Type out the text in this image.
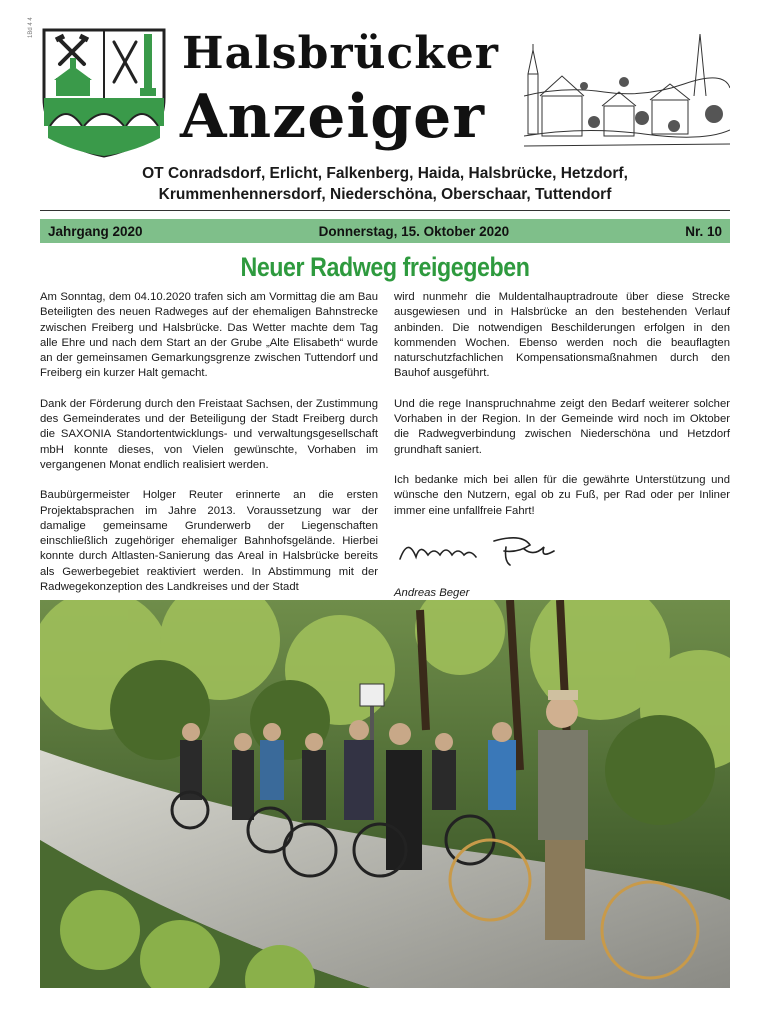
1Bd 4 4
Halsbrücker
Anzeiger
OT Conradsdorf, Erlicht, Falkenberg, Haida, Halsbrücke, Hetzdorf,
Krummenhennersdorf, Niederschöna, Oberschaar, Tuttendorf
Jahrgang 2020	Donnerstag, 15. Oktober 2020	Nr. 10
Neuer Radweg freigegeben

Am Sonntag, dem 04.10.2020 trafen sich am Vormittag die am Bau Beteiligten des neuen Radweges auf der ehemaligen Bahnstrecke zwischen Freiberg und Halsbrücke. Das Wetter machte dem Tag alle Ehre und nach dem Start an der Grube „Alte Elisabeth“ wurde an der gemeinsamen Gemarkungsgrenze zwischen Tuttendorf und Freiberg ein kurzer Halt gemacht.

Dank der Förderung durch den Freistaat Sachsen, der Zustimmung des Gemeinderates und der Beteiligung der Stadt Freiberg durch die SAXONIA Standortentwicklungs- und verwaltungsgesellschaft mbH konnte dieses, von Vielen gewünschte, Vorhaben im vergangenen Monat endlich realisiert werden.

Baubürgermeister Holger Reuter erinnerte an die ersten Projektabsprachen im Jahre 2013. Voraussetzung war der damalige gemeinsame Grunderwerb der Liegenschaften einschließlich zugehöriger ehemaliger Bahnhofsgelände. Hierbei konnte durch Altlasten-Sanierung das Areal in Halsbrücke bereits als Gewerbegebiet reaktiviert werden. In Abstimmung mit der Radwegekonzeption des Landkreises und der Stadt

wird nunmehr die Muldentalhauptradroute über diese Strecke ausgewiesen und in Halsbrücke an den bestehenden Verlauf anbinden. Die notwendigen Beschilderungen erfolgen in den kommenden Wochen. Ebenso werden noch die beauflagten naturschutzfachlichen Kompensationsmaßnahmen durch den Bauhof ausgeführt.

Und die rege Inanspruchnahme zeigt den Bedarf weiterer solcher Vorhaben in der Region. In der Gemeinde wird noch im Oktober die Radwegverbindung zwischen Niederschöna und Hetzdorf grundhaft saniert.

Ich bedanke mich bei allen für die gewährte Unterstützung und wünsche den Nutzern, egal ob zu Fuß, per Rad oder per Inliner immer eine unfallfreie Fahrt!

Andreas Beger
